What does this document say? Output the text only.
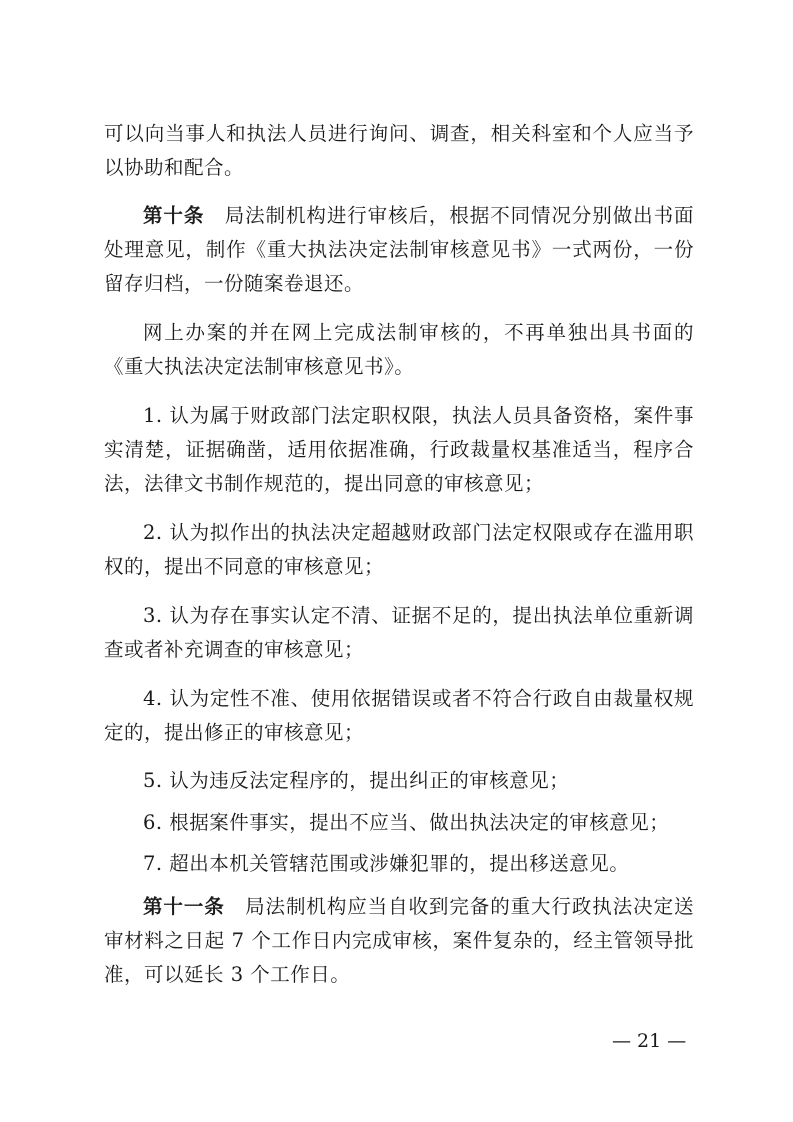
可以向当事人和执法人员进行询问、调查，相关科室和个人应当予以协助和配合。

第十条　局法制机构进行审核后，根据不同情况分别做出书面处理意见，制作《重大执法决定法制审核意见书》一式两份，一份留存归档，一份随案卷退还。

网上办案的并在网上完成法制审核的，不再单独出具书面的《重大执法决定法制审核意见书》。

1. 认为属于财政部门法定职权限，执法人员具备资格，案件事实清楚，证据确凿，适用依据准确，行政裁量权基准适当，程序合法，法律文书制作规范的，提出同意的审核意见；

2. 认为拟作出的执法决定超越财政部门法定权限或存在滥用职权的，提出不同意的审核意见；

3. 认为存在事实认定不清、证据不足的，提出执法单位重新调查或者补充调查的审核意见；

4. 认为定性不准、使用依据错误或者不符合行政自由裁量权规定的，提出修正的审核意见；

5. 认为违反法定程序的，提出纠正的审核意见；

6. 根据案件事实，提出不应当、做出执法决定的审核意见；

7. 超出本机关管辖范围或涉嫌犯罪的，提出移送意见。

第十一条　局法制机构应当自收到完备的重大行政执法决定送审材料之日起 7 个工作日内完成审核，案件复杂的，经主管领导批准，可以延长 3 个工作日。

— 21 —
